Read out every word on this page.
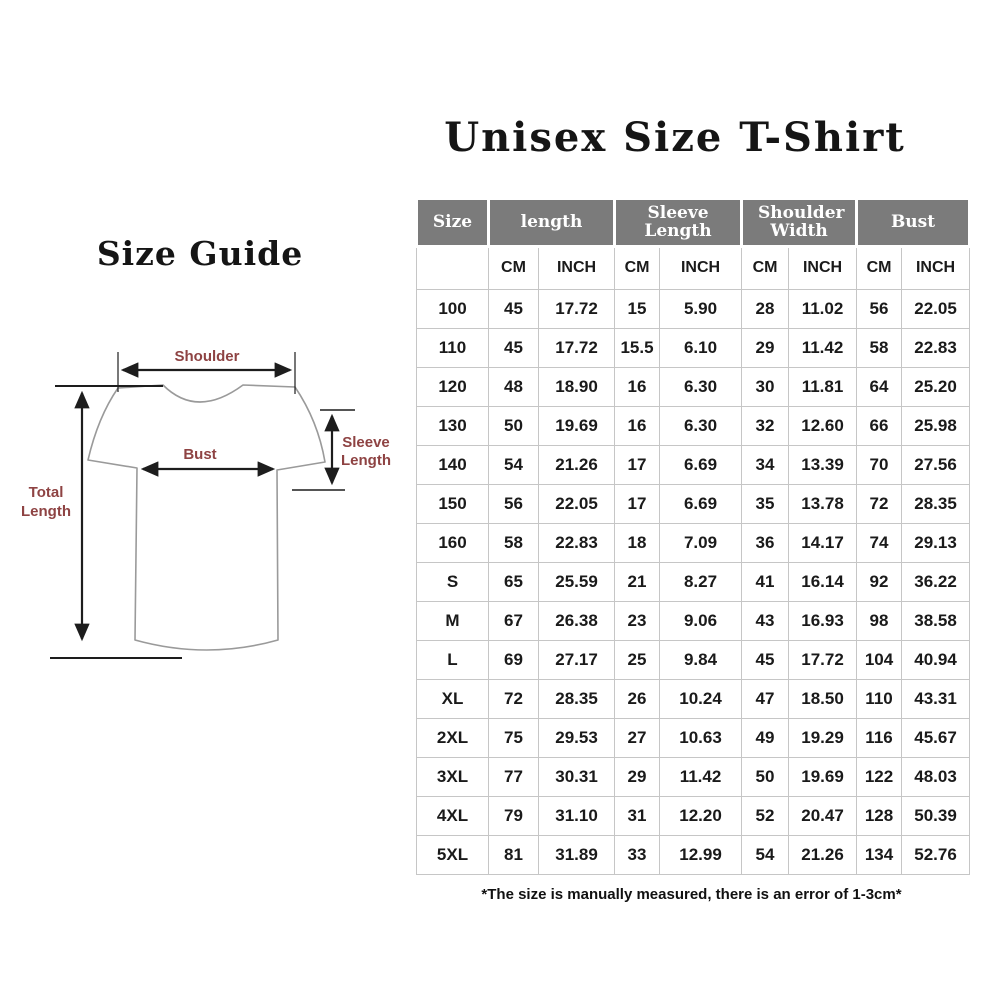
Unisex Size T-Shirt
Size Guide
Shoulder
Total
Length
Bust
Sleeve
Length
Size	length		Sleeve Length		Shoulder Width		Bust	
	CM	INCH	CM	INCH	CM	INCH	CM	INCH
100	45	17.72	15	5.90	28	11.02	56	22.05
110	45	17.72	15.5	6.10	29	11.42	58	22.83
120	48	18.90	16	6.30	30	11.81	64	25.20
130	50	19.69	16	6.30	32	12.60	66	25.98
140	54	21.26	17	6.69	34	13.39	70	27.56
150	56	22.05	17	6.69	35	13.78	72	28.35
160	58	22.83	18	7.09	36	14.17	74	29.13
S	65	25.59	21	8.27	41	16.14	92	36.22
M	67	26.38	23	9.06	43	16.93	98	38.58
L	69	27.17	25	9.84	45	17.72	104	40.94
XL	72	28.35	26	10.24	47	18.50	110	43.31
2XL	75	29.53	27	10.63	49	19.29	116	45.67
3XL	77	30.31	29	11.42	50	19.69	122	48.03
4XL	79	31.10	31	12.20	52	20.47	128	50.39
5XL	81	31.89	33	12.99	54	21.26	134	52.76
*The size is manually measured, there is an error of 1-3cm*
